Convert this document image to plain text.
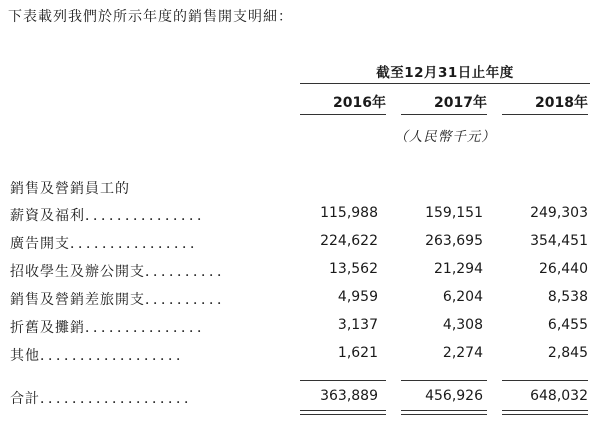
下表載列我們於所示年度的銷售開支明細：
截至12月31日止年度
2016年	2017年	2018年
（人民幣千元）
銷售及營銷員工的
薪資及福利．．．．．．．．．．．．．．．	115,988	159,151	249,303
廣告開支．．．．．．．．．．．．．．．．	224,622	263,695	354,451
招收學生及辦公開支．．．．．．．．．．	13,562	21,294	26,440
銷售及營銷差旅開支．．．．．．．．．．	4,959	6,204	8,538
折舊及攤銷．．．．．．．．．．．．．．．	3,137	4,308	6,455
其他．．．．．．．．．．．．．．．．．．	1,621	2,274	2,845
合計．．．．．．．．．．．．．．．．．．．	363,889	456,926	648,032
